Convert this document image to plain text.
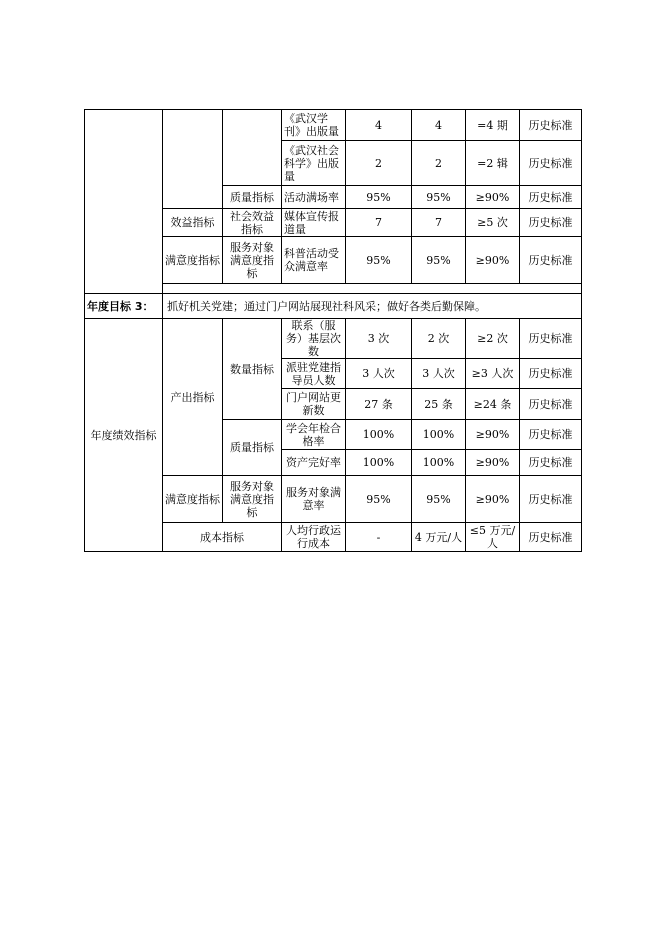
			《武汉学刊》出版量	4	4	=4 期	历史标准
			《武汉社会科学》出版量	2	2	=2 辑	历史标准
		质量指标	活动满场率	95%	95%	≥90%	历史标准
	效益指标	社会效益指标	媒体宣传报道量	7	7	≥5 次	历史标准
	满意度指标	服务对象满意度指标	科普活动受众满意率	95%	95%	≥90%	历史标准

年度目标 3：	抓好机关党建；通过门户网站展现社科风采；做好各类后勤保障。						
年度绩效指标	产出指标	数量指标	联系（服务）基层次数	3 次	2 次	≥2 次	历史标准
			派驻党建指导员人数	3 人次	3 人次	≥3 人次	历史标准
			门户网站更新数	27 条	25 条	≥24 条	历史标准
		质量指标	学会年检合格率	100%	100%	≥90%	历史标准
			资产完好率	100%	100%	≥90%	历史标准
	满意度指标	服务对象满意度指标	服务对象满意率	95%	95%	≥90%	历史标准
	成本指标		人均行政运行成本	-	4 万元/人	≤5 万元/人	历史标准
